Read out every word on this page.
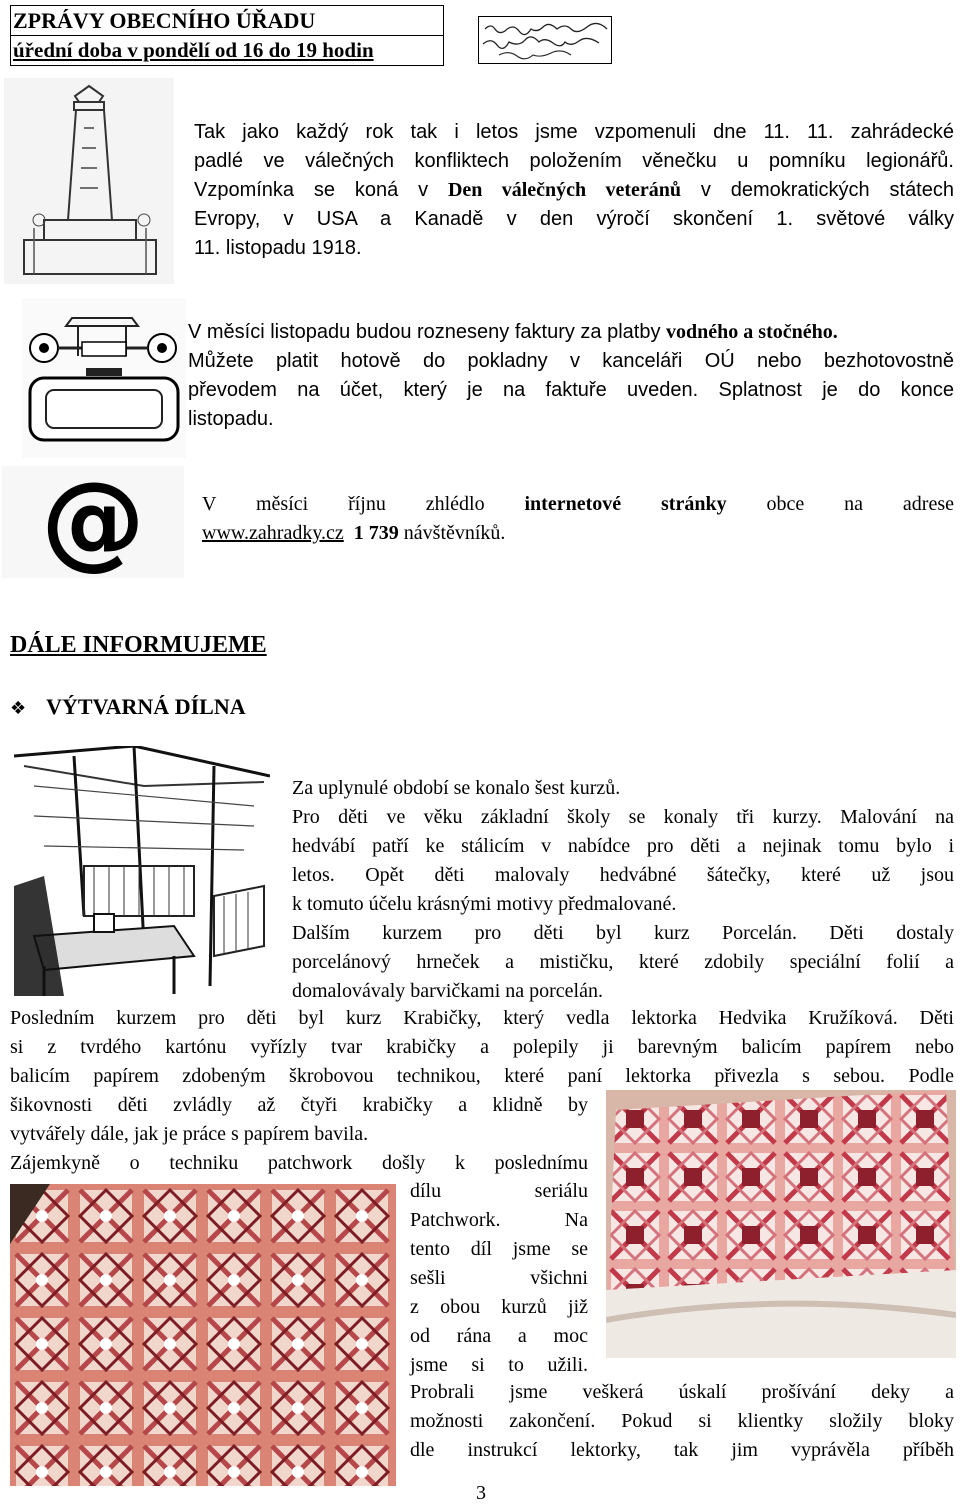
ZPRÁVY OBECNÍHO ÚŘADU
úřední doba v pondělí od 16 do 19 hodin
Tak jako každý rok tak i letos jsme vzpomenuli dne 11. 11. zahrádecké
padlé ve válečných konfliktech položením věnečku u pomníku legionářů.
Vzpomínka se koná v Den válečných veteránů v demokratických státech
Evropy, v USA a Kanadě v den výročí skončení 1. světové války
11. listopadu 1918.
V měsíci listopadu budou rozneseny faktury za platby vodného a stočného.
Můžete platit hotově do pokladny v kanceláři OÚ nebo bezhotovostně
převodem na účet, který je na faktuře uveden. Splatnost je do konce
listopadu.
@	V měsíci říjnu zhlédlo internetové stránky obce na adrese
www.zahradky.cz 1 739 návštěvníků.
DÁLE INFORMUJEME
❖ VÝTVARNÁ DÍLNA
Za uplynulé období se konalo šest kurzů.
Pro děti ve věku základní školy se konaly tři kurzy. Malování na
hedvábí patří ke stálicím v nabídce pro děti a nejinak tomu bylo i
letos. Opět děti malovaly hedvábné šátečky, které už jsou
k tomuto účelu krásnými motivy předmalované.
Dalším kurzem pro děti byl kurz Porcelán. Děti dostaly
porcelánový hrneček a mističku, které zdobily speciální folií a
domalovávaly barvičkami na porcelán.
Posledním kurzem pro děti byl kurz Krabičky, který vedla lektorka Hedvika Kružíková. Děti
si z tvrdého kartónu vyřízly tvar krabičky a polepily ji barevným balicím papírem nebo
balicím papírem zdobeným škrobovou technikou, které paní lektorka přivezla s sebou. Podle
šikovnosti děti zvládly až čtyři krabičky a klidně by
vytvářely dále, jak je práce s papírem bavila.
Zájemkyně o techniku patchwork došly k poslednímu
dílu seriálu
Patchwork. Na
tento díl jsme se
sešli všichni
z obou kurzů již
od rána a moc
jsme si to užili.
Probrali jsme veškerá úskalí prošívání deky a
možnosti zakončení. Pokud si klientky složily bloky
dle instrukcí lektorky, tak jim vyprávěla příběh
3
